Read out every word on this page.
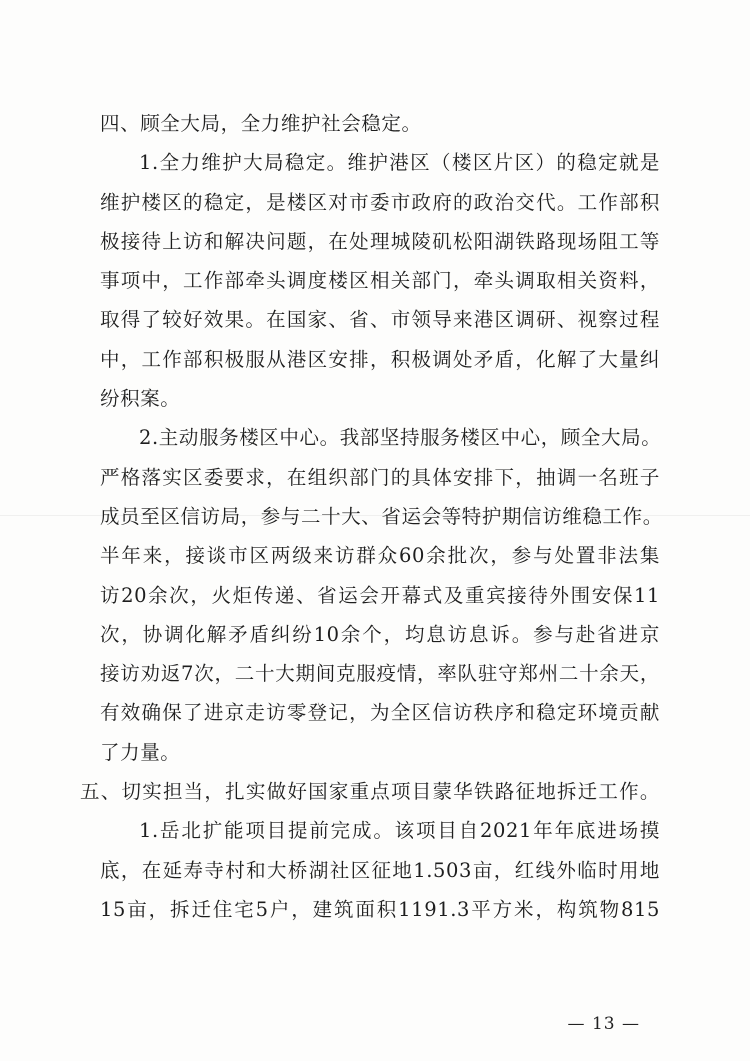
四、顾全大局，全力维护社会稳定。
1.全力维护大局稳定。维护港区（楼区片区）的稳定就是
维护楼区的稳定，是楼区对市委市政府的政治交代。工作部积
极接待上访和解决问题，在处理城陵矶松阳湖铁路现场阻工等
事项中，工作部牵头调度楼区相关部门，牵头调取相关资料，
取得了较好效果。在国家、省、市领导来港区调研、视察过程
中，工作部积极服从港区安排，积极调处矛盾，化解了大量纠
纷积案。
2.主动服务楼区中心。我部坚持服务楼区中心，顾全大局。
严格落实区委要求，在组织部门的具体安排下，抽调一名班子
成员至区信访局，参与二十大、省运会等特护期信访维稳工作。
半年来，接谈市区两级来访群众60余批次，参与处置非法集
访20余次，火炬传递、省运会开幕式及重宾接待外围安保11
次，协调化解矛盾纠纷10余个，均息访息诉。参与赴省进京
接访劝返7次，二十大期间克服疫情，率队驻守郑州二十余天，
有效确保了进京走访零登记，为全区信访秩序和稳定环境贡献
了力量。
五、切实担当，扎实做好国家重点项目蒙华铁路征地拆迁工作。
1.岳北扩能项目提前完成。该项目自2021年年底进场摸
底，在延寿寺村和大桥湖社区征地1.503亩，红线外临时用地
15亩，拆迁住宅5户，建筑面积1191.3平方米，构筑物815
— 13 —
